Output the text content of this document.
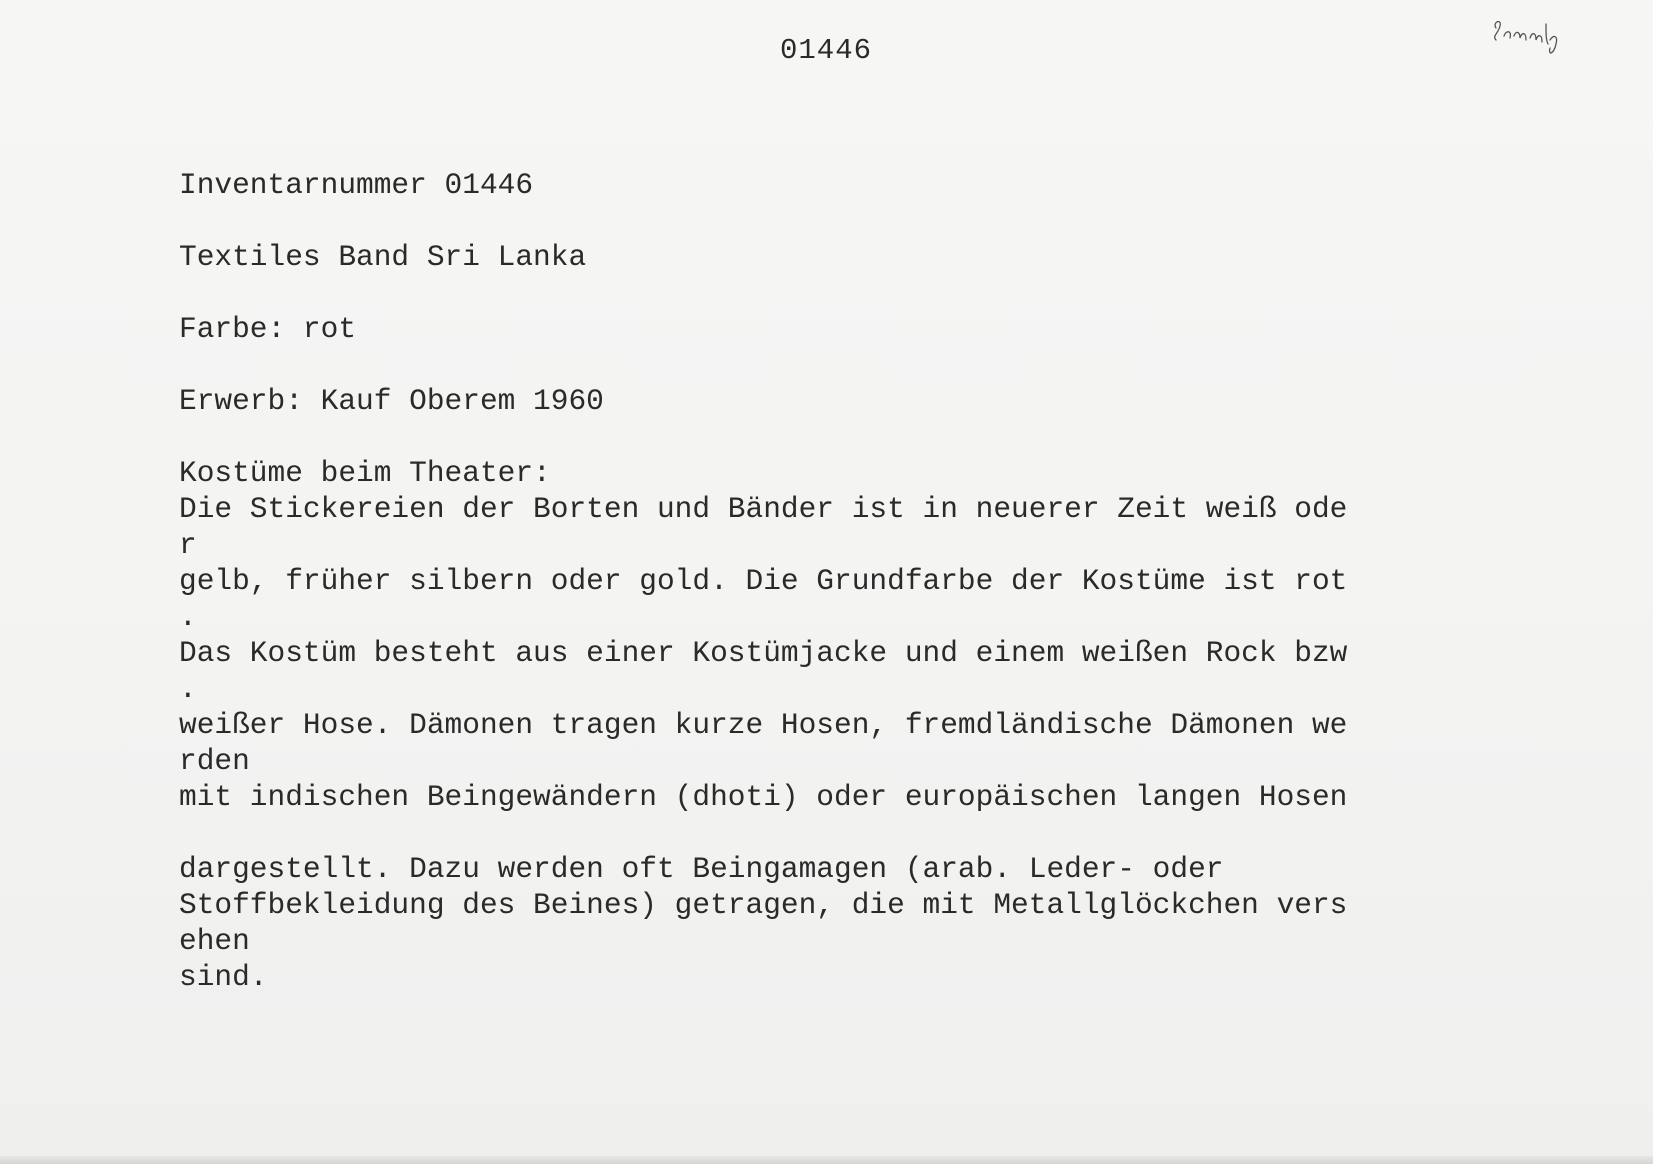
01446
Inventarnummer 01446
Textiles Band Sri Lanka
Farbe: rot
Erwerb: Kauf Oberem 1960
Kostüme beim Theater:
Die Stickereien der Borten und Bänder ist in neuerer Zeit weiß ode
r
gelb, früher silbern oder gold. Die Grundfarbe der Kostüme ist rot
.
Das Kostüm besteht aus einer Kostümjacke und einem weißen Rock bzw
.
weißer Hose. Dämonen tragen kurze Hosen, fremdländische Dämonen we
rden
mit indischen Beingewändern (dhoti) oder europäischen langen Hosen
dargestellt. Dazu werden oft Beingamagen (arab. Leder- oder
Stoffbekleidung des Beines) getragen, die mit Metallglöckchen vers
ehen
sind.
